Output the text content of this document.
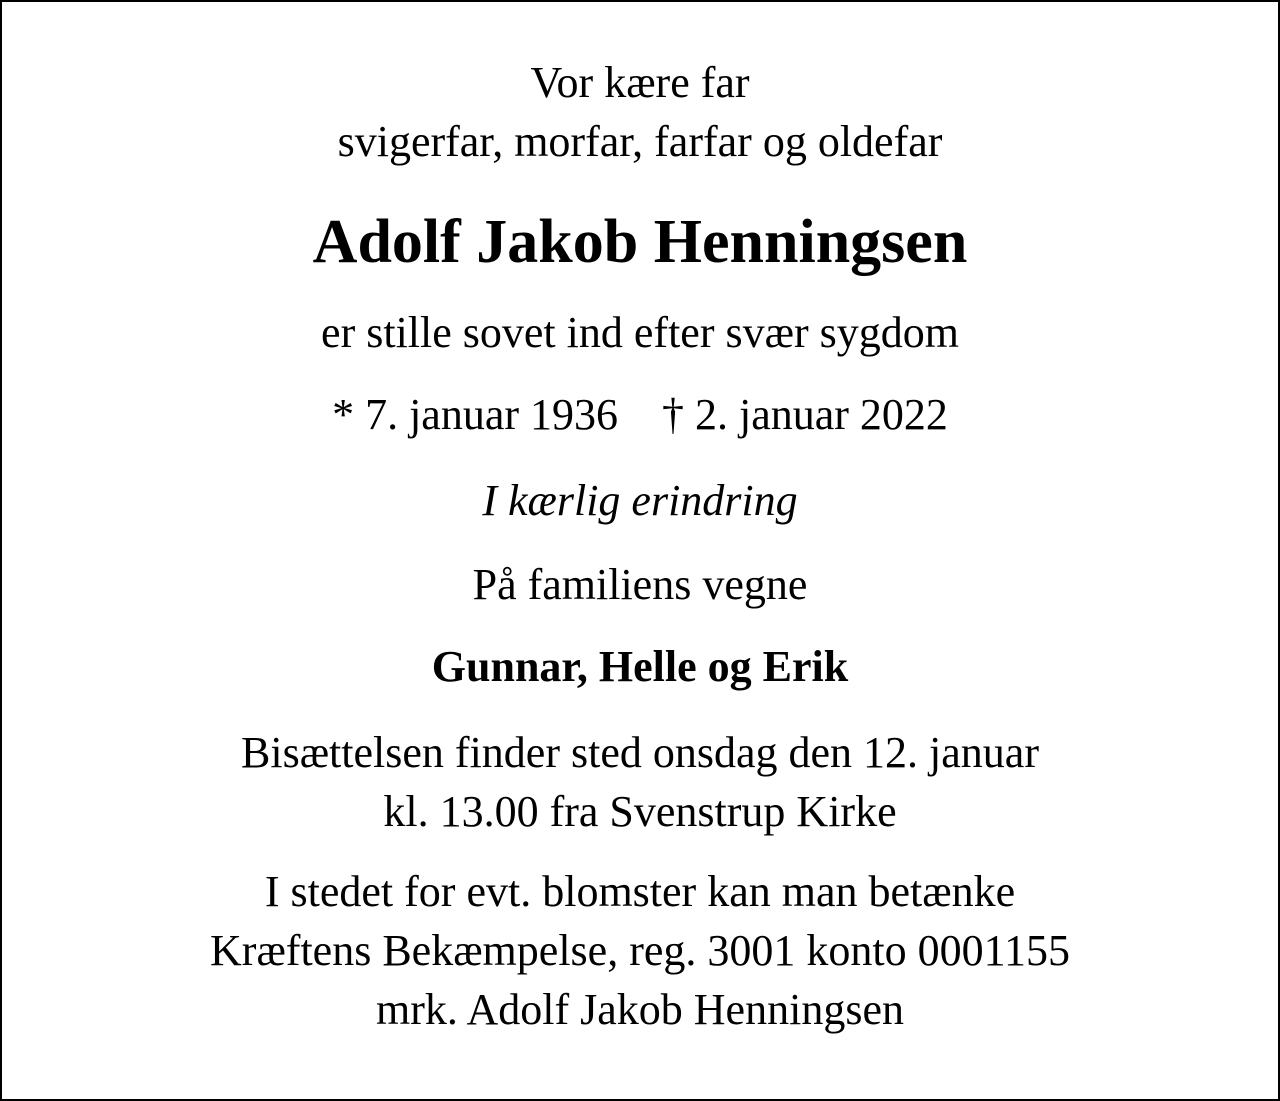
Vor kære far
svigerfar, morfar, farfar og oldefar
Adolf Jakob Henningsen
er stille sovet ind efter svær sygdom
* 7. januar 1936 † 2. januar 2022
I kærlig erindring
På familiens vegne
Gunnar, Helle og Erik
Bisættelsen finder sted onsdag den 12. januar
kl. 13.00 fra Svenstrup Kirke
I stedet for evt. blomster kan man betænke
Kræftens Bekæmpelse, reg. 3001 konto 0001155
mrk. Adolf Jakob Henningsen
